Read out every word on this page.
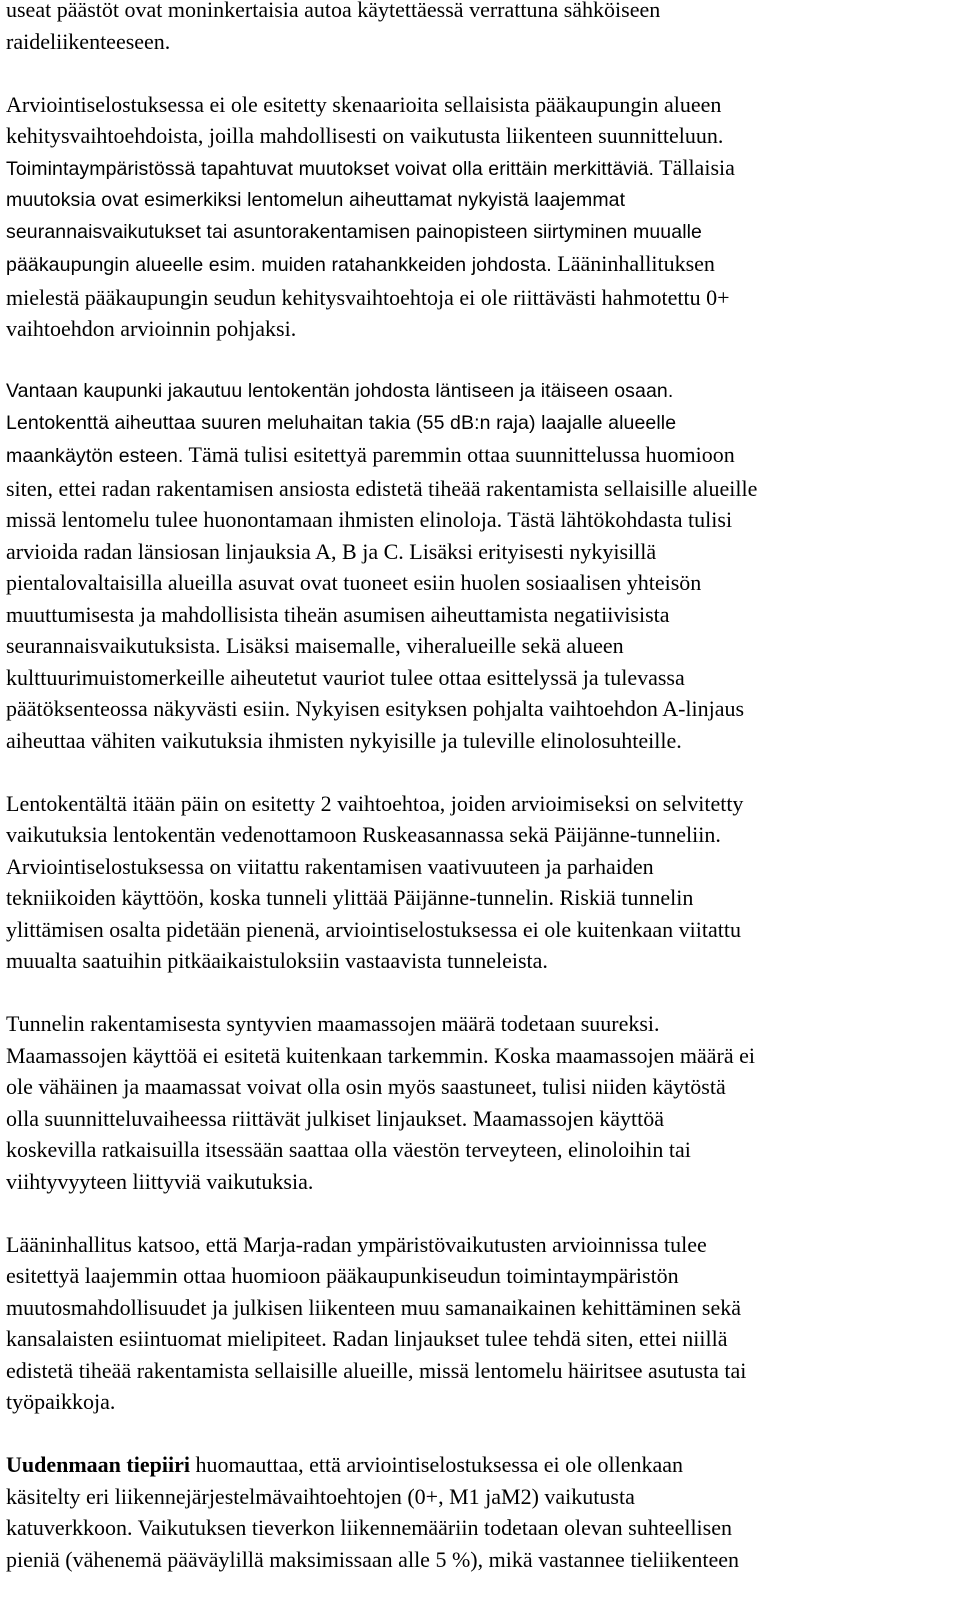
useat päästöt ovat moninkertaisia autoa käytettäessä verrattuna sähköiseen
raideliikenteeseen.

Arviointiselostuksessa ei ole esitetty skenaarioita sellaisista pääkaupungin alueen
kehitysvaihtoehdoista, joilla mahdollisesti on vaikutusta liikenteen suunnitteluun.
Toimintaympäristössä tapahtuvat muutokset voivat olla erittäin merkittäviä. Tällaisia
muutoksia ovat esimerkiksi lentomelun aiheuttamat nykyistä laajemmat
seurannaisvaikutukset tai asuntorakentamisen painopisteen siirtyminen muualle
pääkaupungin alueelle esim. muiden ratahankkeiden johdosta. Lääninhallituksen
mielestä pääkaupungin seudun kehitysvaihtoehtoja ei ole riittävästi hahmotettu 0+
vaihtoehdon arvioinnin pohjaksi.

Vantaan kaupunki jakautuu lentokentän johdosta läntiseen ja itäiseen osaan.
Lentokenttä aiheuttaa suuren meluhaitan takia (55 dB:n raja) laajalle alueelle
maankäytön esteen. Tämä tulisi esitettyä paremmin ottaa suunnittelussa huomioon
siten, ettei radan rakentamisen ansiosta edistetä tiheää rakentamista sellaisille alueille
missä lentomelu tulee huonontamaan ihmisten elinoloja. Tästä lähtökohdasta tulisi
arvioida radan länsiosan linjauksia A, B ja C. Lisäksi erityisesti nykyisillä
pientalovaltaisilla alueilla asuvat ovat tuoneet esiin huolen sosiaalisen yhteisön
muuttumisesta ja mahdollisista tiheän asumisen aiheuttamista negatiivisista
seurannaisvaikutuksista. Lisäksi maisemalle, viheralueille sekä alueen
kulttuurimuistomerkeille aiheutetut vauriot tulee ottaa esittelyssä ja tulevassa
päätöksenteossa näkyvästi esiin. Nykyisen esityksen pohjalta vaihtoehdon A-linjaus
aiheuttaa vähiten vaikutuksia ihmisten nykyisille ja tuleville elinolosuhteille.

Lentokentältä itään päin on esitetty 2 vaihtoehtoa, joiden arvioimiseksi on selvitetty
vaikutuksia lentokentän vedenottamoon Ruskeasannassa sekä Päijänne-tunneliin.
Arviointiselostuksessa on viitattu rakentamisen vaativuuteen ja parhaiden
tekniikoiden käyttöön, koska tunneli ylittää Päijänne-tunnelin. Riskiä tunnelin
ylittämisen osalta pidetään pienenä, arviointiselostuksessa ei ole kuitenkaan viitattu
muualta saatuihin pitkäaikaistuloksiin vastaavista tunneleista.

Tunnelin rakentamisesta syntyvien maamassojen määrä todetaan suureksi.
Maamassojen käyttöä ei esitetä kuitenkaan tarkemmin. Koska maamassojen määrä ei
ole vähäinen ja maamassat voivat olla osin myös saastuneet, tulisi niiden käytöstä
olla suunnitteluvaiheessa riittävät julkiset linjaukset. Maamassojen käyttöä
koskevilla ratkaisuilla itsessään saattaa olla väestön terveyteen, elinoloihin tai
viihtyvyyteen liittyviä vaikutuksia.

Lääninhallitus katsoo, että Marja-radan ympäristövaikutusten arvioinnissa tulee
esitettyä laajemmin ottaa huomioon pääkaupunkiseudun toimintaympäristön
muutosmahdollisuudet ja julkisen liikenteen muu samanaikainen kehittäminen sekä
kansalaisten esiintuomat mielipiteet. Radan linjaukset tulee tehdä siten, ettei niillä
edistetä tiheää rakentamista sellaisille alueille, missä lentomelu häiritsee asutusta tai
työpaikkoja.

Uudenmaan tiepiiri huomauttaa, että arviointiselostuksessa ei ole ollenkaan
käsitelty eri liikennejärjestelmävaihtoehtojen (0+, M1 jaM2) vaikutusta
katuverkkoon. Vaikutuksen tieverkon liikennemääriin todetaan olevan suhteellisen
pieniä (vähenemä pääväylillä maksimissaan alle 5 %), mikä vastannee tieliikenteen
